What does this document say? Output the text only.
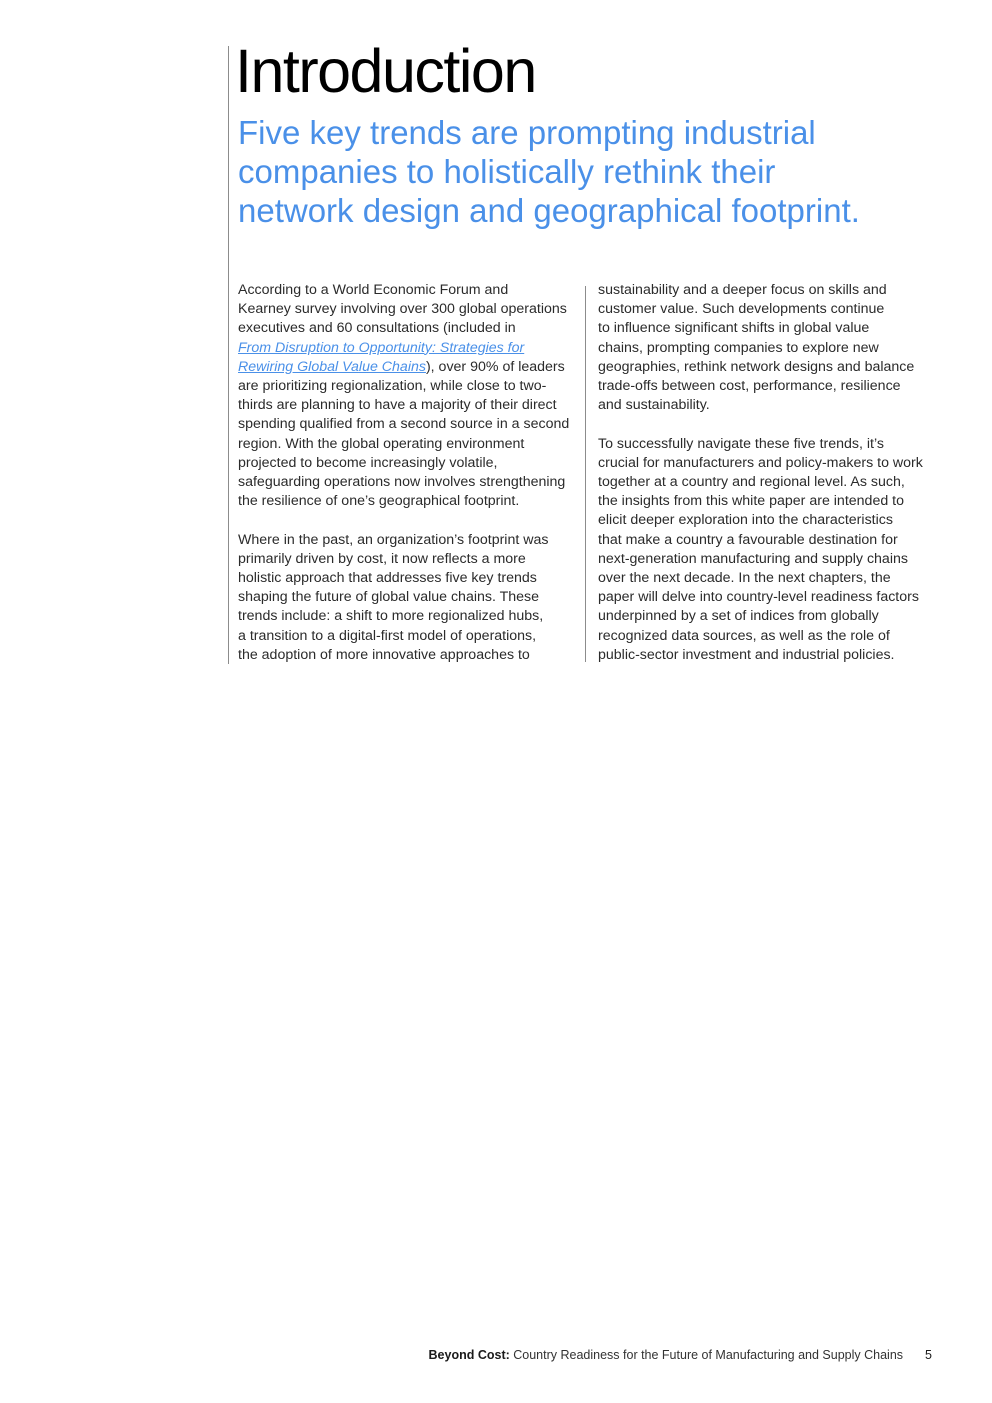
Introduction
Five key trends are prompting industrial
companies to holistically rethink their
network design and geographical footprint.

According to a World Economic Forum and
Kearney survey involving over 300 global operations
executives and 60 consultations (included in
From Disruption to Opportunity: Strategies for
Rewiring Global Value Chains), over 90% of leaders
are prioritizing regionalization, while close to two-
thirds are planning to have a majority of their direct
spending qualified from a second source in a second
region. With the global operating environment
projected to become increasingly volatile,
safeguarding operations now involves strengthening
the resilience of one’s geographical footprint.

Where in the past, an organization’s footprint was
primarily driven by cost, it now reflects a more
holistic approach that addresses five key trends
shaping the future of global value chains. These
trends include: a shift to more regionalized hubs,
a transition to a digital-first model of operations,
the adoption of more innovative approaches to

sustainability and a deeper focus on skills and
customer value. Such developments continue
to influence significant shifts in global value
chains, prompting companies to explore new
geographies, rethink network designs and balance
trade-offs between cost, performance, resilience
and sustainability.

To successfully navigate these five trends, it’s
crucial for manufacturers and policy-makers to work
together at a country and regional level. As such,
the insights from this white paper are intended to
elicit deeper exploration into the characteristics
that make a country a favourable destination for
next-generation manufacturing and supply chains
over the next decade. In the next chapters, the
paper will delve into country-level readiness factors
underpinned by a set of indices from globally
recognized data sources, as well as the role of
public-sector investment and industrial policies.

Beyond Cost: Country Readiness for the Future of Manufacturing and Supply Chains 5
